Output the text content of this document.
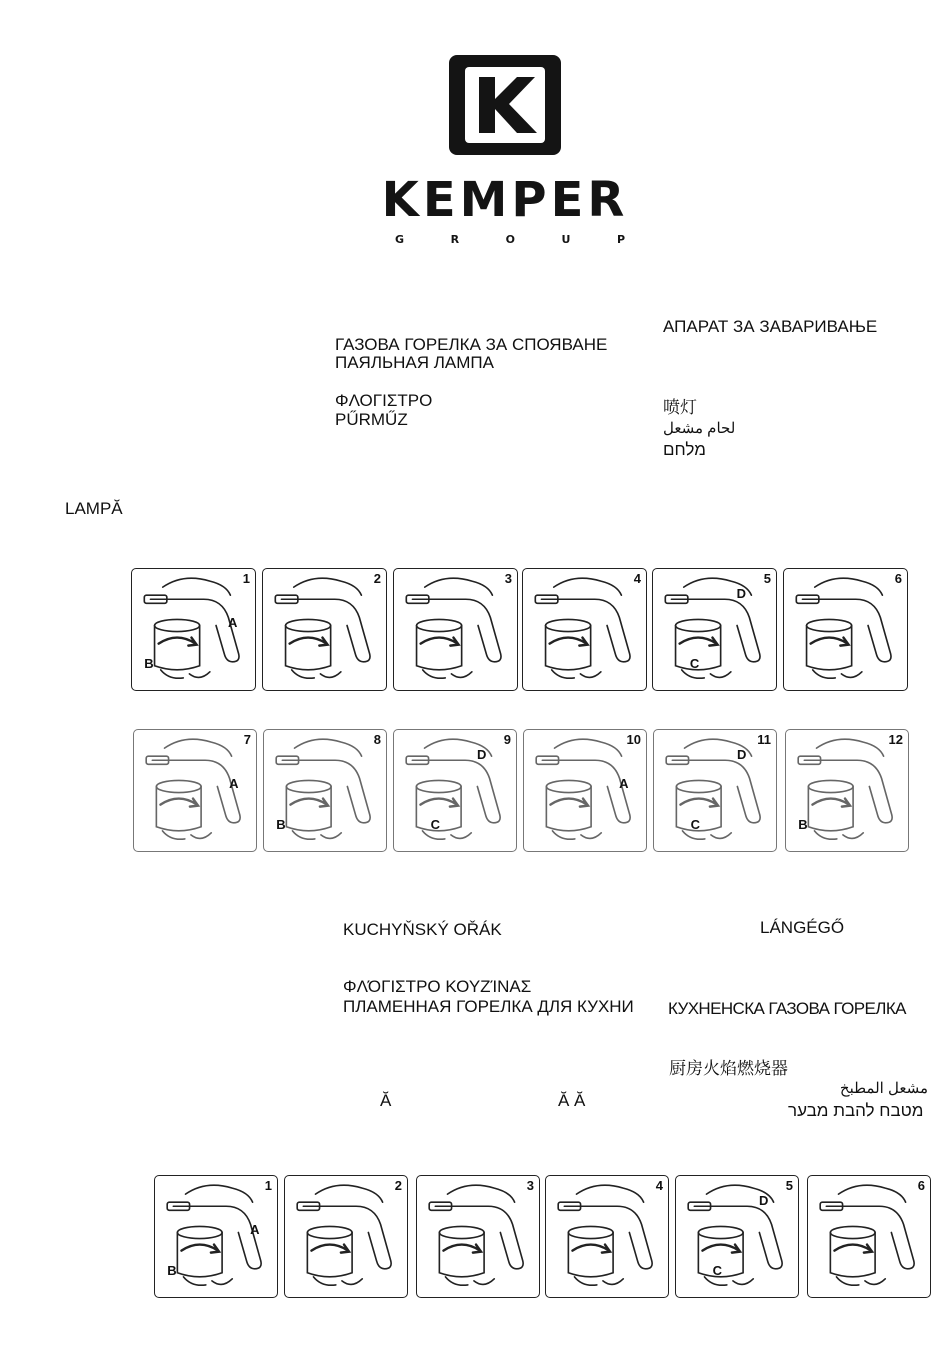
KEMPER
G	R	O	U	P
ГАЗОВА ГОРЕЛКА ЗА СПОЯВАНЕ
ПАЯЛЬНАЯ ЛАМПА
ΦΛΟΓΙΣΤΡΟ
PŰRMŰZ
АПАРАТ ЗА ЗАВАРИВАЊЕ
喷灯
لحام مشعل
מלחם
LAMPĂ
1
A
B
2	3	4	5
C
D
6
7
A
8
B
9
C
D
10
A
11
C
D
12
B
KUCHYŇSKÝ OŘÁK	LÁNGÉGŐ
ΦΛΌΓΙΣΤΡΟ ΚΟΥΖΊΝΑΣ
ПЛАМЕННАЯ ГОРЕЛКА ДЛЯ КУХНИ КУХНЕНСКА ГАЗОВА ГОРЕЛКА
厨房火焰燃烧器
مشعل المطبخ
מטבח להבת מבער
Ă	Ă Ă
1
A
B
2	3	4	5
C
D
6
